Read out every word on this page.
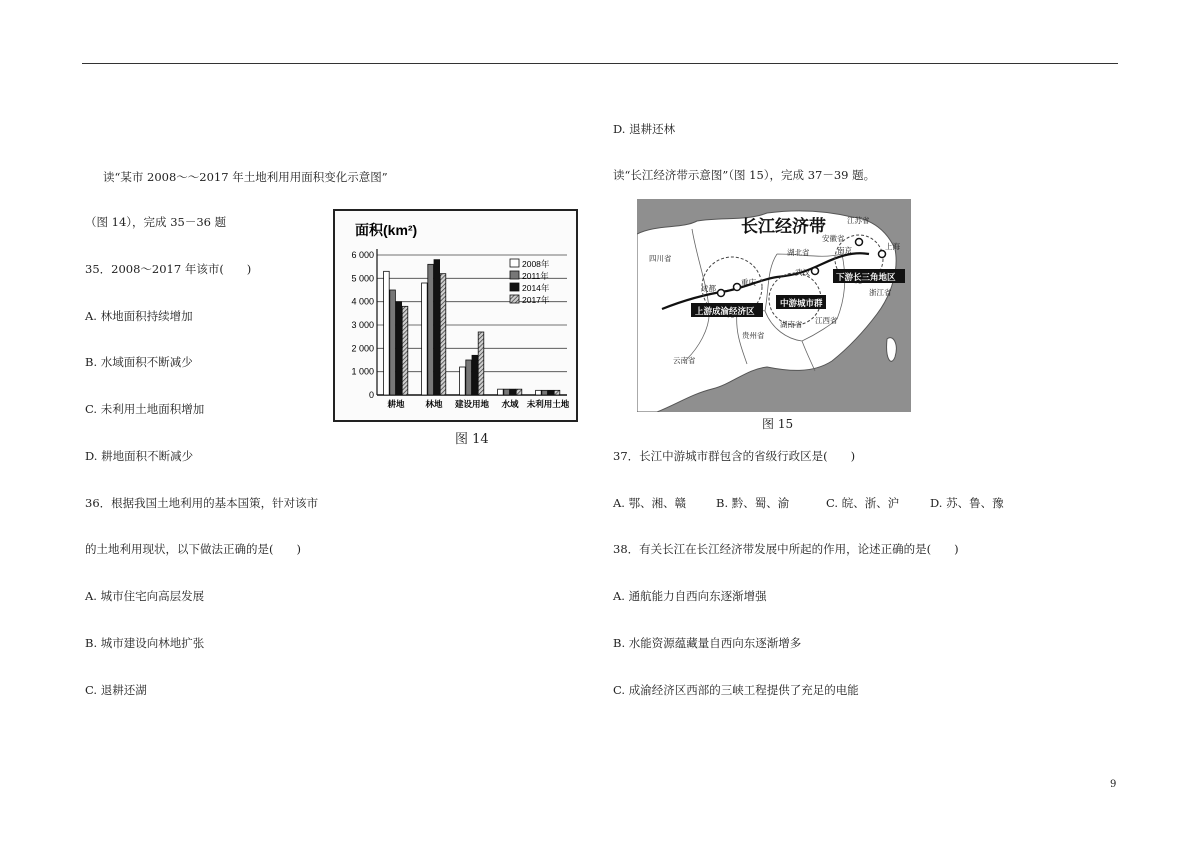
读“某市 2008～～2017 年土地利用用面积变化示意图”
（图 14），完成 35－36 题
35．2008～2017 年该市(　　)
A. 林地面积持续增加
B. 水域面积不断减少
C. 未利用土地面积增加
D. 耕地面积不断减少
36．根据我国土地利用的基本国策，针对该市
的土地利用现状，以下做法正确的是(　　)
A. 城市住宅向高层发展
B. 城市建设向林地扩张
C. 退耕还湖
面积(km²)
0
1 000
2 000
3 000
4 000
5 000
6 000
耕地 林地 建设用地 水域 未利用土地
2008年
2011年
2014年
2017年
图 14
D. 退耕还林
读“长江经济带示意图”（图 15），完成 37－39 题。
长江经济带
四川省
湖北省
安徽省
江苏省
上海
浙江省
江西省
湖南省
贵州省
云南省
成都
重庆
武汉
南京
上游成渝经济区
中游城市群
下游长三角地区
图 15
37．长江中游城市群包含的省级行政区是(　　)
A. 鄂、湘、赣	B. 黔、蜀、渝	C. 皖、浙、沪	D. 苏、鲁、豫
38．有关长江在长江经济带发展中所起的作用，论述正确的是(　　)
A. 通航能力自西向东逐渐增强
B. 水能资源蕴藏量自西向东逐渐增多
C. 成渝经济区西部的三峡工程提供了充足的电能
9
